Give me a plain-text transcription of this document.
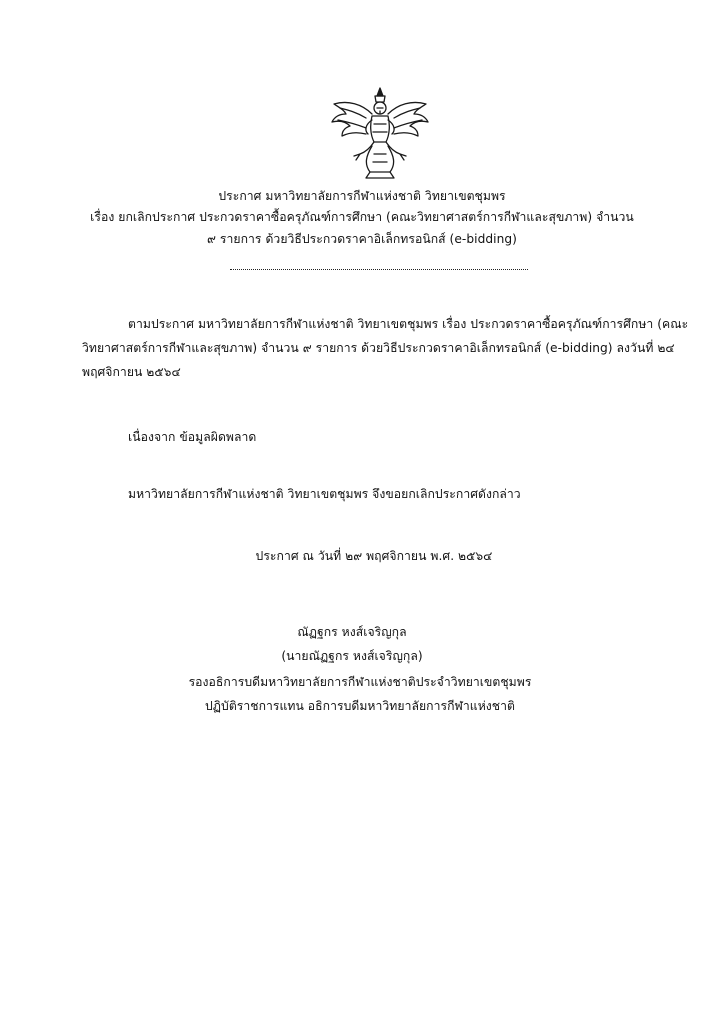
ประกาศ มหาวิทยาลัยการกีฬาแห่งชาติ วิทยาเขตชุมพร
เรื่อง ยกเลิกประกาศ ประกวดราคาซื้อครุภัณฑ์การศึกษา (คณะวิทยาศาสตร์การกีฬาและสุขภาพ) จำนวน
๙ รายการ ด้วยวิธีประกวดราคาอิเล็กทรอนิกส์ (e-bidding)
ตามประกาศ มหาวิทยาลัยการกีฬาแห่งชาติ วิทยาเขตชุมพร เรื่อง ประกวดราคาซื้อครุภัณฑ์การศึกษา (คณะ
วิทยาศาสตร์การกีฬาและสุขภาพ) จำนวน ๙ รายการ ด้วยวิธีประกวดราคาอิเล็กทรอนิกส์ (e-bidding) ลงวันที่ ๒๔
พฤศจิกายน ๒๕๖๔
เนื่องจาก ข้อมูลผิดพลาด
มหาวิทยาลัยการกีฬาแห่งชาติ วิทยาเขตชุมพร จึงขอยกเลิกประกาศดังกล่าว
ประกาศ ณ วันที่ ๒๙ พฤศจิกายน พ.ศ. ๒๕๖๔
ณัฏฐกร หงส์เจริญกุล
(นายณัฏฐกร หงส์เจริญกุล)
รองอธิการบดีมหาวิทยาลัยการกีฬาแห่งชาติประจำวิทยาเขตชุมพร
ปฏิบัติราชการแทน อธิการบดีมหาวิทยาลัยการกีฬาแห่งชาติ
